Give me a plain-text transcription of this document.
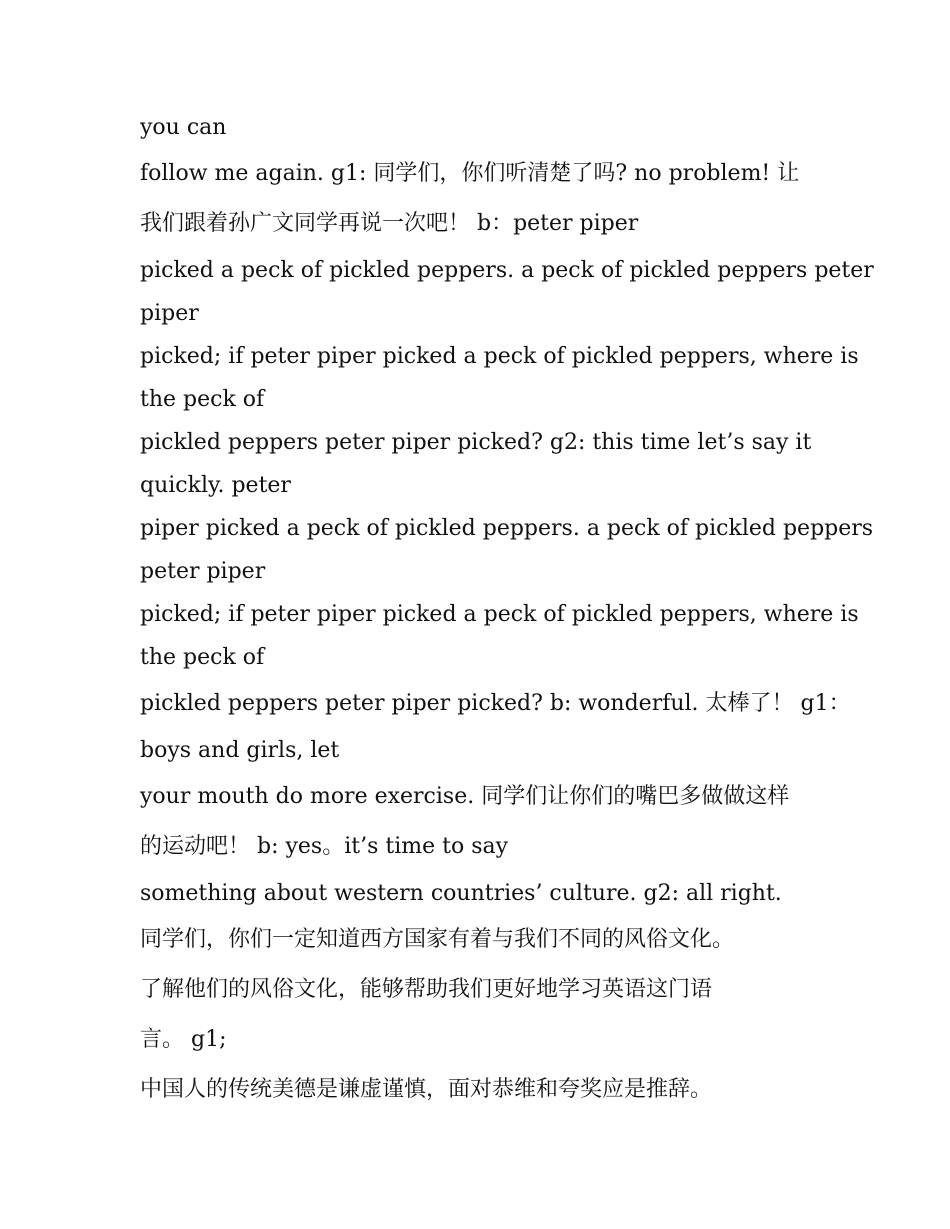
you can
follow me again. g1: 同学们，你们听清楚了吗? no problem! 让
我们跟着孙广文同学再说一次吧！ b：peter piper
picked a peck of pickled peppers. a peck of pickled peppers peter
piper
picked; if peter piper picked a peck of pickled peppers, where is
the peck of
pickled peppers peter piper picked? g2: this time let’s say it
quickly. peter
piper picked a peck of pickled peppers. a peck of pickled peppers
peter piper
picked; if peter piper picked a peck of pickled peppers, where is
the peck of
pickled peppers peter piper picked? b: wonderful. 太棒了！ g1：
boys and girls, let
your mouth do more exercise. 同学们让你们的嘴巴多做做这样
的运动吧！ b: yes。it’s time to say
something about western countries’ culture. g2: all right.
同学们，你们一定知道西方国家有着与我们不同的风俗文化。
了解他们的风俗文化，能够帮助我们更好地学习英语这门语
言。 g1;
中国人的传统美德是谦虚谨慎，面对恭维和夸奖应是推辞。
